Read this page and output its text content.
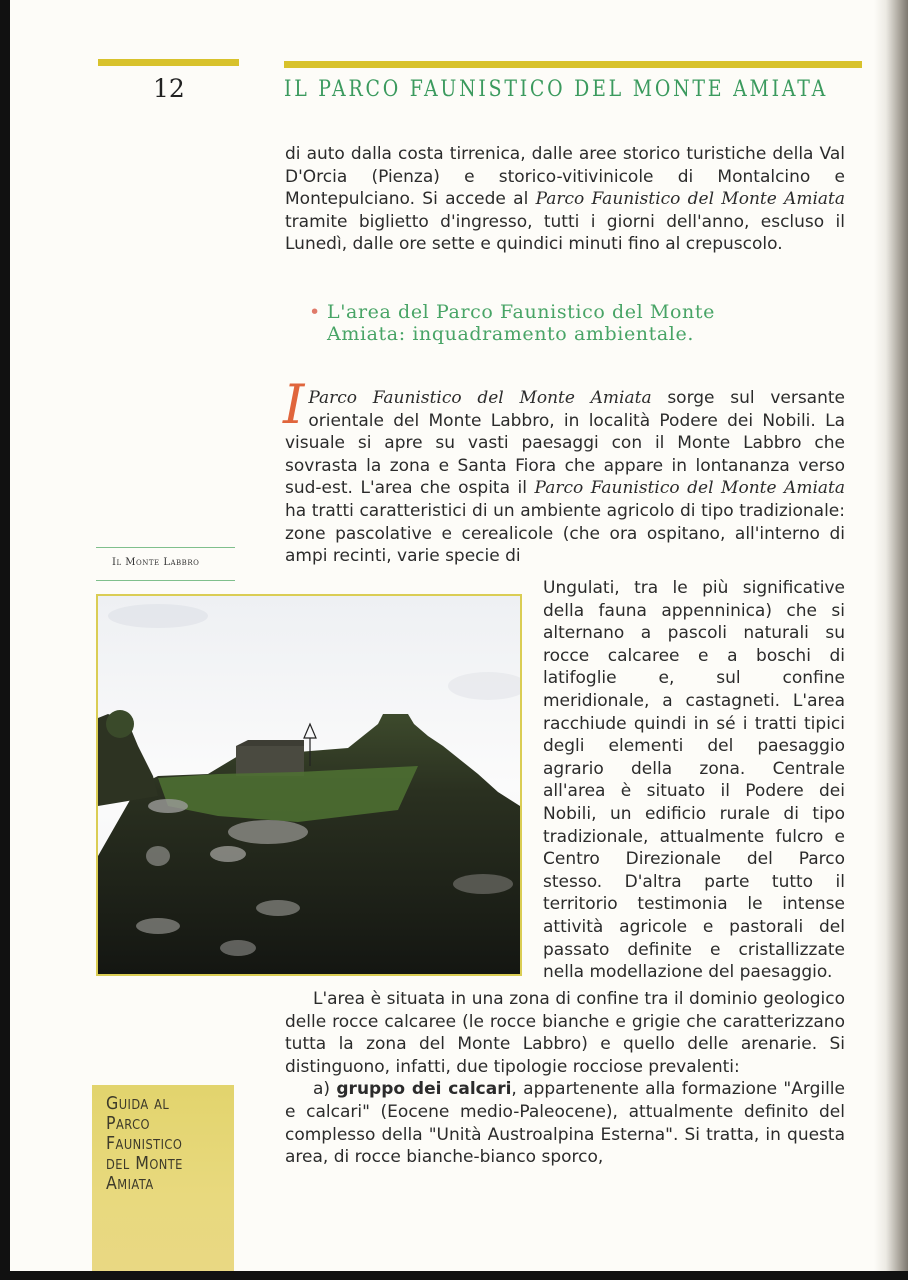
12	IL PARCO FAUNISTICO DEL MONTE AMIATA

di auto dalla costa tirrenica, dalle aree storico turistiche della Val D'Orcia (Pienza) e storico-vitivinicole di Montalcino e Montepulciano. Si accede al Parco Faunistico del Monte Amiata tramite biglietto d'ingresso, tutti i giorni dell'anno, escluso il Lunedì, dalle ore sette e quindici minuti fino al crepuscolo.

• L'area del Parco Faunistico del Monte Amiata: inquadramento ambientale.

I Parco Faunistico del Monte Amiata sorge sul versante orientale del Monte Labbro, in località Podere dei Nobili. La visuale si apre su vasti paesaggi con il Monte Labbro che sovrasta la zona e Santa Fiora che appare in lontananza verso sud-est. L'area che ospita il Parco Faunistico del Monte Amiata ha tratti caratteristici di un ambiente agricolo di tipo tradizionale: zone pascolative e cerealicole (che ora ospitano, all'interno di ampi recinti, varie specie di

Ungulati, tra le più significative della fauna appenninica) che si alternano a pascoli naturali su rocce calcaree e a boschi di latifoglie e, sul confine meridionale, a castagneti. L'area racchiude quindi in sé i tratti tipici degli elementi del paesaggio agrario della zona. Centrale all'area è situato il Podere dei Nobili, un edificio rurale di tipo tradizionale, attualmente fulcro e Centro Direzionale del Parco stesso. D'altra parte tutto il territorio testimonia le intense attività agricole e pastorali del passato definite e cristallizzate nella modellazione del paesaggio.

L'area è situata in una zona di confine tra il dominio geologico delle rocce calcaree (le rocce bianche e grigie che caratterizzano tutta la zona del Monte Labbro) e quello delle arenarie. Si distinguono, infatti, due tipologie rocciose prevalenti:

a) gruppo dei calcari, appartenente alla formazione "Argille e calcari" (Eocene medio-Paleocene), attualmente definito del complesso della "Unità Austroalpina Esterna". Si tratta, in questa area, di rocce bianche-bianco sporco,

Il Monte Labbro
Guida al
Parco
Faunistico
del Monte
Amiata
